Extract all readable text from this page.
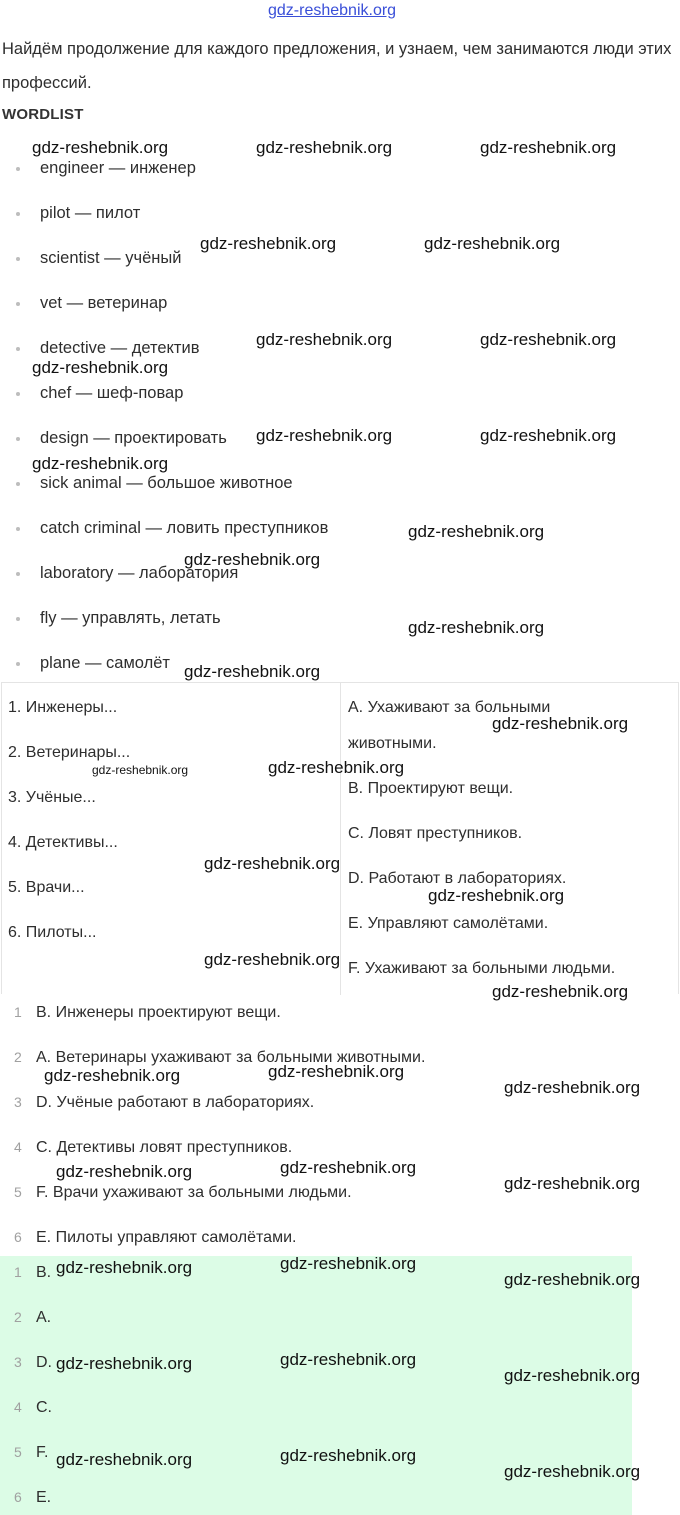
gdz-reshebnik.org
Найдём продолжение для каждого предложения, и узнаем, чем занимаются люди этих профессий.
WORDLIST
engineer — инженер
pilot — пилот
scientist — учёный
vet — ветеринар
detective — детектив
chef — шеф-повар
design — проектировать
sick animal — большое животное
catch criminal — ловить преступников
laboratory — лаборатория
fly — управлять, летать
plane — самолёт
1. Инженеры...
2. Ветеринары...
3. Учёные...
4. Детективы...
5. Врачи...
6. Пилоты...
A. Ухаживают за больными
животными.
B. Проектируют вещи.
C. Ловят преступников.
D. Работают в лабораториях.
E. Управляют самолётами.
F. Ухаживают за больными людьми.
1 B. Инженеры проектируют вещи.
2 A. Ветеринары ухаживают за больными животными.
3 D. Учёные работают в лабораториях.
4 C. Детективы ловят преступников.
5 F. Врачи ухаживают за больными людьми.
6 E. Пилоты управляют самолётами.
1 B.
2 A.
3 D.
4 C.
5 F.
6 E.
gdz-reshebnik.org	gdz-reshebnik.org	gdz-reshebnik.org
gdz-reshebnik.org	gdz-reshebnik.org
gdz-reshebnik.org	gdz-reshebnik.org
gdz-reshebnik.org
gdz-reshebnik.org	gdz-reshebnik.org
gdz-reshebnik.org
gdz-reshebnik.org
gdz-reshebnik.org
gdz-reshebnik.org
gdz-reshebnik.org
gdz-reshebnik.org
gdz-reshebnik.org
gdz-reshebnik.org
gdz-reshebnik.org
gdz-reshebnik.org
gdz-reshebnik.org
gdz-reshebnik.org
gdz-reshebnik.org
gdz-reshebnik.org
gdz-reshebnik.org
gdz-reshebnik.org
gdz-reshebnik.org
gdz-reshebnik.org
gdz-reshebnik.org	gdz-reshebnik.org
gdz-reshebnik.org
gdz-reshebnik.org	gdz-reshebnik.org
gdz-reshebnik.org
gdz-reshebnik.org	gdz-reshebnik.org
gdz-reshebnik.org
